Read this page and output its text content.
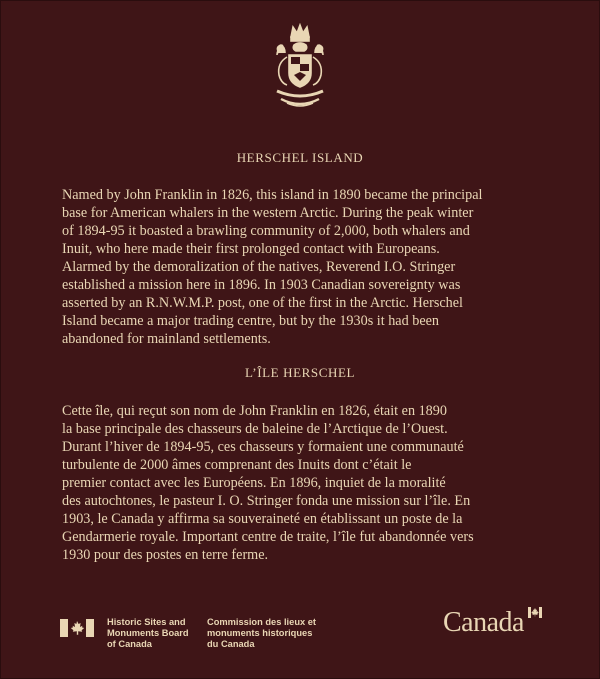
HERSCHEL ISLAND
Named by John Franklin in 1826, this island in 1890 became the principal
base for American whalers in the western Arctic. During the peak winter
of 1894-95 it boasted a brawling community of 2,000, both whalers and
Inuit, who here made their first prolonged contact with Europeans.
Alarmed by the demoralization of the natives, Reverend I.O. Stringer
established a mission here in 1896. In 1903 Canadian sovereignty was
asserted by an R.N.W.M.P. post, one of the first in the Arctic. Herschel
Island became a major trading centre, but by the 1930s it had been
abandoned for mainland settlements.
L’ÎLE HERSCHEL
Cette île, qui reçut son nom de John Franklin en 1826, était en 1890
la base principale des chasseurs de baleine de l’Arctique de l’Ouest.
Durant l’hiver de 1894-95, ces chasseurs y formaient une communauté
turbulente de 2000 âmes comprenant des Inuits dont c’était le
premier contact avec les Européens. En 1896, inquiet de la moralité
des autochtones, le pasteur I. O. Stringer fonda une mission sur l’île. En
1903, le Canada y affirma sa souveraineté en établissant un poste de la
Gendarmerie royale. Important centre de traite, l’île fut abandonnée vers
1930 pour des postes en terre ferme.
Historic Sites and
Monuments Board
of Canada
Commission des lieux et
monuments historiques
du Canada
Canada
